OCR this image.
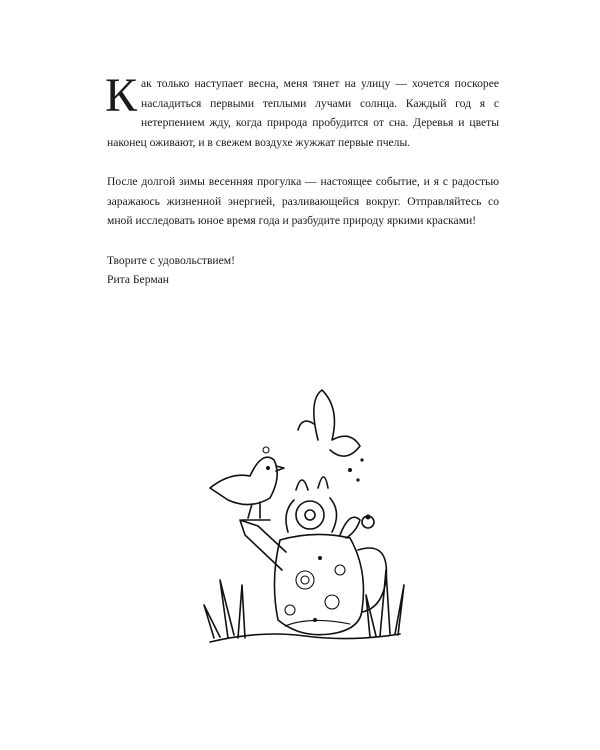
Как только наступает весна, меня тянет на улицу — хочется поскорее насладиться первыми теплыми лучами солнца. Каждый год я с нетерпением жду, когда природа пробудится от сна. Деревья и цветы наконец оживают, и в свежем воздухе жужжат первые пчелы.

После долгой зимы весенняя прогулка — настоящее событие, и я с радостью заражаюсь жизненной энергией, разливающейся вокруг. Отправляйтесь со мной исследовать юное время года и разбудите природу яркими красками!

Творите с удовольствием!
Рита Берман
